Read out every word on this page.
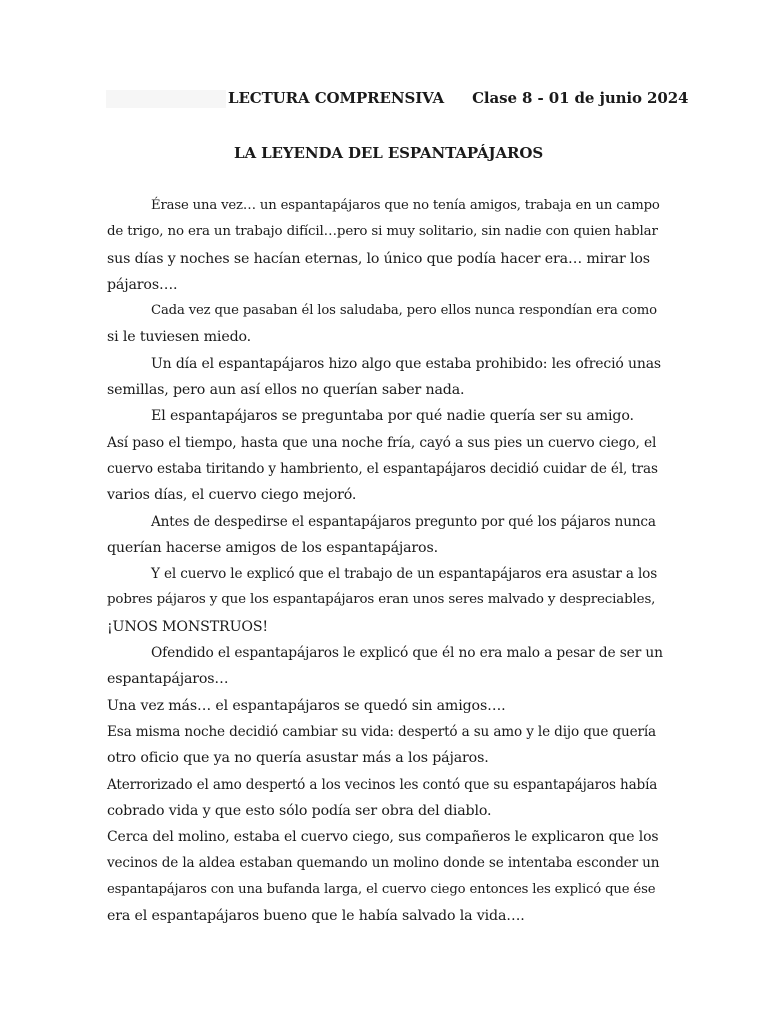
LECTURA COMPRENSIVA Clase 8 - 01 de junio 2024
LA LEYENDA DEL ESPANTAPÁJAROS
Érase una vez… un espantapájaros que no tenía amigos, trabaja en un campo
de trigo, no era un trabajo difícil…pero si muy solitario, sin nadie con quien hablar
sus días y noches se hacían eternas, lo único que podía hacer era… mirar los
pájaros….
Cada vez que pasaban él los saludaba, pero ellos nunca respondían era como
si le tuviesen miedo.
Un día el espantapájaros hizo algo que estaba prohibido: les ofreció unas
semillas, pero aun así ellos no querían saber nada.
El espantapájaros se preguntaba por qué nadie quería ser su amigo.
Así paso el tiempo, hasta que una noche fría, cayó a sus pies un cuervo ciego, el
cuervo estaba tiritando y hambriento, el espantapájaros decidió cuidar de él, tras
varios días, el cuervo ciego mejoró.
Antes de despedirse el espantapájaros pregunto por qué los pájaros nunca
querían hacerse amigos de los espantapájaros.
Y el cuervo le explicó que el trabajo de un espantapájaros era asustar a los
pobres pájaros y que los espantapájaros eran unos seres malvado y despreciables,
¡UNOS MONSTRUOS!
Ofendido el espantapájaros le explicó que él no era malo a pesar de ser un
espantapájaros…
Una vez más… el espantapájaros se quedó sin amigos….
Esa misma noche decidió cambiar su vida: despertó a su amo y le dijo que quería
otro oficio que ya no quería asustar más a los pájaros.
Aterrorizado el amo despertó a los vecinos les contó que su espantapájaros había
cobrado vida y que esto sólo podía ser obra del diablo.
Cerca del molino, estaba el cuervo ciego, sus compañeros le explicaron que los
vecinos de la aldea estaban quemando un molino donde se intentaba esconder un
espantapájaros con una bufanda larga, el cuervo ciego entonces les explicó que ése
era el espantapájaros bueno que le había salvado la vida….
